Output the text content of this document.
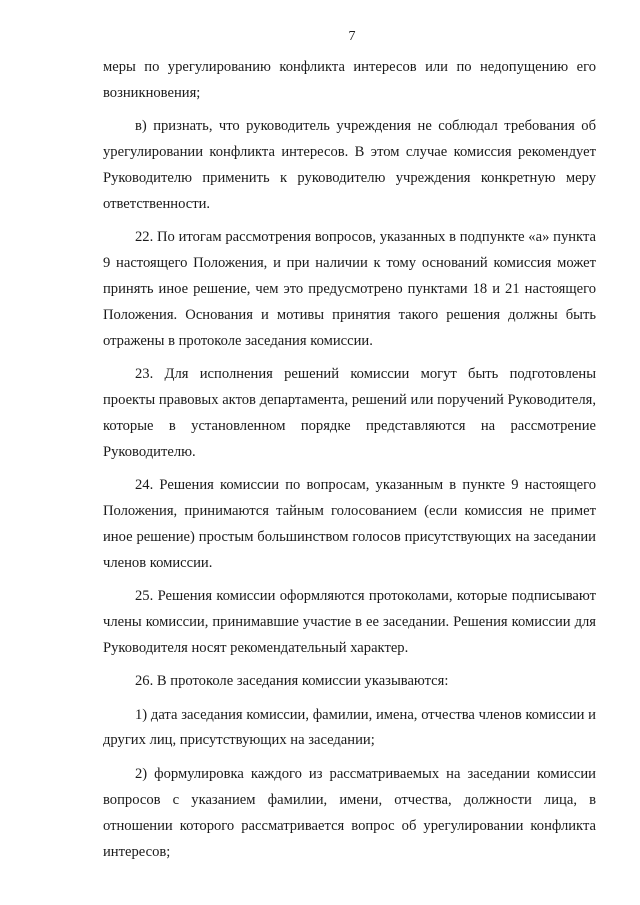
7

меры по урегулированию конфликта интересов или по недопущению его возникновения;

в) признать, что руководитель учреждения не соблюдал требования об урегулировании конфликта интересов. В этом случае комиссия рекомендует Руководителю применить к руководителю учреждения конкретную меру ответственности.

22. По итогам рассмотрения вопросов, указанных в подпункте «а» пункта 9 настоящего Положения, и при наличии к тому оснований комиссия может принять иное решение, чем это предусмотрено пунктами 18 и 21 настоящего Положения. Основания и мотивы принятия такого решения должны быть отражены в протоколе заседания комиссии.

23. Для исполнения решений комиссии могут быть подготовлены проекты правовых актов департамента, решений или поручений Руководителя, которые в установленном порядке представляются на рассмотрение Руководителю.

24. Решения комиссии по вопросам, указанным в пункте 9 настоящего Положения, принимаются тайным голосованием (если комиссия не примет иное решение) простым большинством голосов присутствующих на заседании членов комиссии.

25. Решения комиссии оформляются протоколами, которые подписывают члены комиссии, принимавшие участие в ее заседании. Решения комиссии для Руководителя носят рекомендательный характер.

26. В протоколе заседания комиссии указываются:

1) дата заседания комиссии, фамилии, имена, отчества членов комиссии и других лиц, присутствующих на заседании;

2) формулировка каждого из рассматриваемых на заседании комиссии вопросов с указанием фамилии, имени, отчества, должности лица, в отношении которого рассматривается вопрос об урегулировании конфликта интересов;
